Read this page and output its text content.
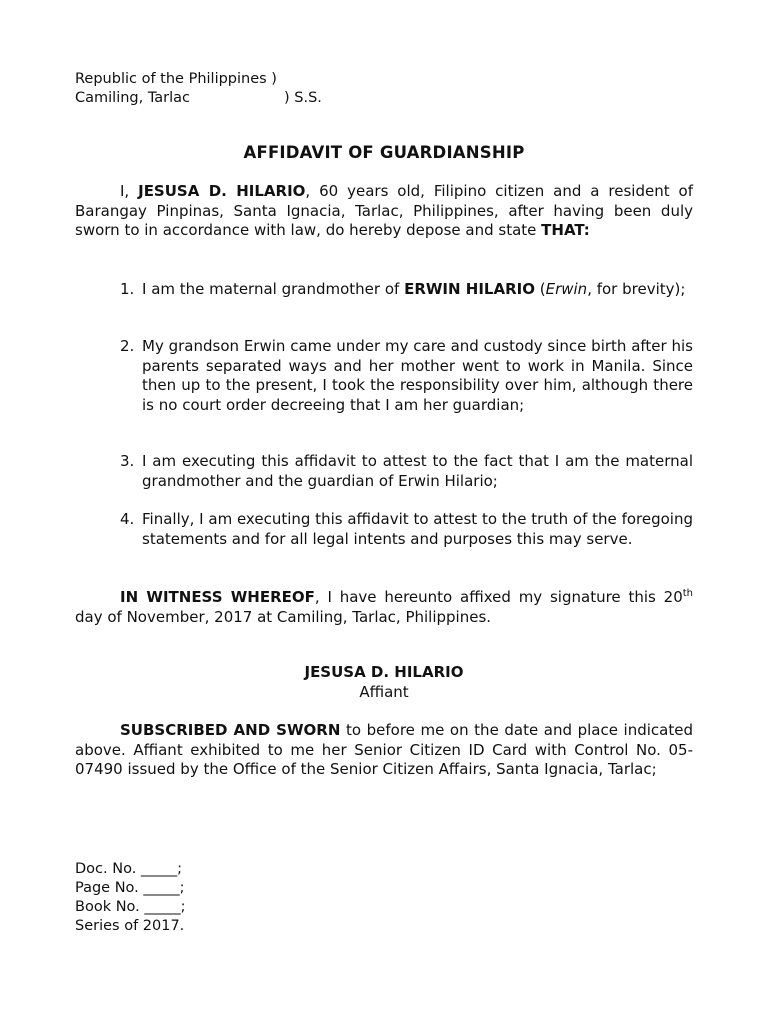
Republic of the Philippines )
Camiling, Tarlac	) S.S.
AFFIDAVIT OF GUARDIANSHIP
I, JESUSA D. HILARIO, 60 years old, Filipino citizen and a resident of Barangay Pinpinas, Santa Ignacia, Tarlac, Philippines, after having been duly sworn to in accordance with law, do hereby depose and state THAT:
1. I am the maternal grandmother of ERWIN HILARIO (Erwin, for brevity);
2. My grandson Erwin came under my care and custody since birth after his parents separated ways and her mother went to work in Manila. Since then up to the present, I took the responsibility over him, although there is no court order decreeing that I am her guardian;
3. I am executing this affidavit to attest to the fact that I am the maternal grandmother and the guardian of Erwin Hilario;
4. Finally, I am executing this affidavit to attest to the truth of the foregoing statements and for all legal intents and purposes this may serve.
IN WITNESS WHEREOF, I have hereunto affixed my signature this 20th day of November, 2017 at Camiling, Tarlac, Philippines.
JESUSA D. HILARIO
Affiant
SUBSCRIBED AND SWORN to before me on the date and place indicated above. Affiant exhibited to me her Senior Citizen ID Card with Control No. 05-07490 issued by the Office of the Senior Citizen Affairs, Santa Ignacia, Tarlac;
Doc. No. _____;
Page No. _____;
Book No. _____;
Series of 2017.
